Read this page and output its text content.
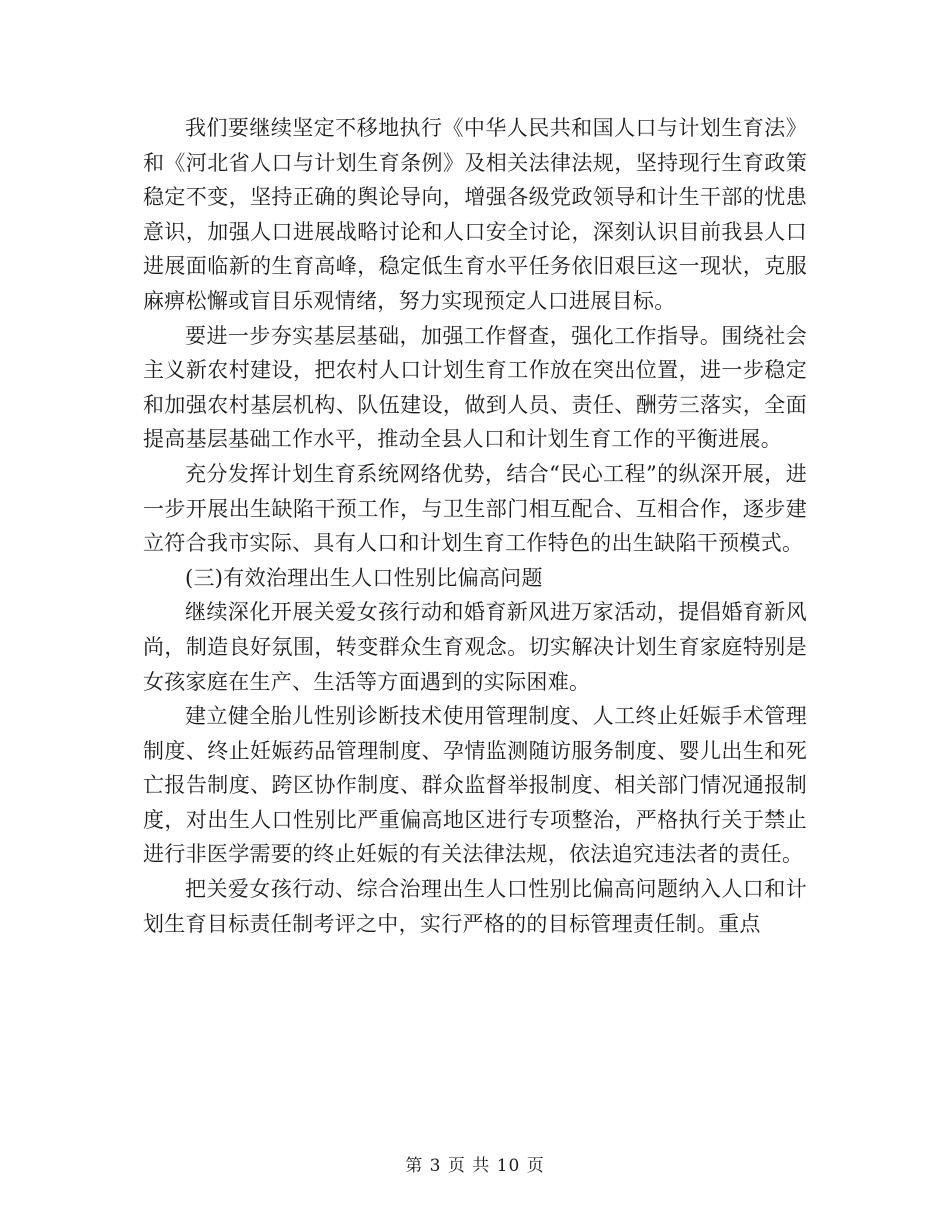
我们要继续坚定不移地执行《中华人民共和国人口与计划生育法》和《河北省人口与计划生育条例》及相关法律法规，坚持现行生育政策稳定不变，坚持正确的舆论导向，增强各级党政领导和计生干部的忧患意识，加强人口进展战略讨论和人口安全讨论，深刻认识目前我县人口进展面临新的生育高峰，稳定低生育水平任务依旧艰巨这一现状，克服麻痹松懈或盲目乐观情绪，努力实现预定人口进展目标。

要进一步夯实基层基础，加强工作督查，强化工作指导。围绕社会主义新农村建设，把农村人口计划生育工作放在突出位置，进一步稳定和加强农村基层机构、队伍建设，做到人员、责任、酬劳三落实，全面提高基层基础工作水平，推动全县人口和计划生育工作的平衡进展。

充分发挥计划生育系统网络优势，结合“民心工程”的纵深开展，进一步开展出生缺陷干预工作，与卫生部门相互配合、互相合作，逐步建立符合我市实际、具有人口和计划生育工作特色的出生缺陷干预模式。

(三)有效治理出生人口性别比偏高问题

继续深化开展关爱女孩行动和婚育新风进万家活动，提倡婚育新风尚，制造良好氛围，转变群众生育观念。切实解决计划生育家庭特别是女孩家庭在生产、生活等方面遇到的实际困难。

建立健全胎儿性别诊断技术使用管理制度、人工终止妊娠手术管理制度、终止妊娠药品管理制度、孕情监测随访服务制度、婴儿出生和死亡报告制度、跨区协作制度、群众监督举报制度、相关部门情况通报制度，对出生人口性别比严重偏高地区进行专项整治，严格执行关于禁止进行非医学需要的终止妊娠的有关法律法规，依法追究违法者的责任。

把关爱女孩行动、综合治理出生人口性别比偏高问题纳入人口和计划生育目标责任制考评之中，实行严格的的目标管理责任制。重点

第 3 页 共 10 页
